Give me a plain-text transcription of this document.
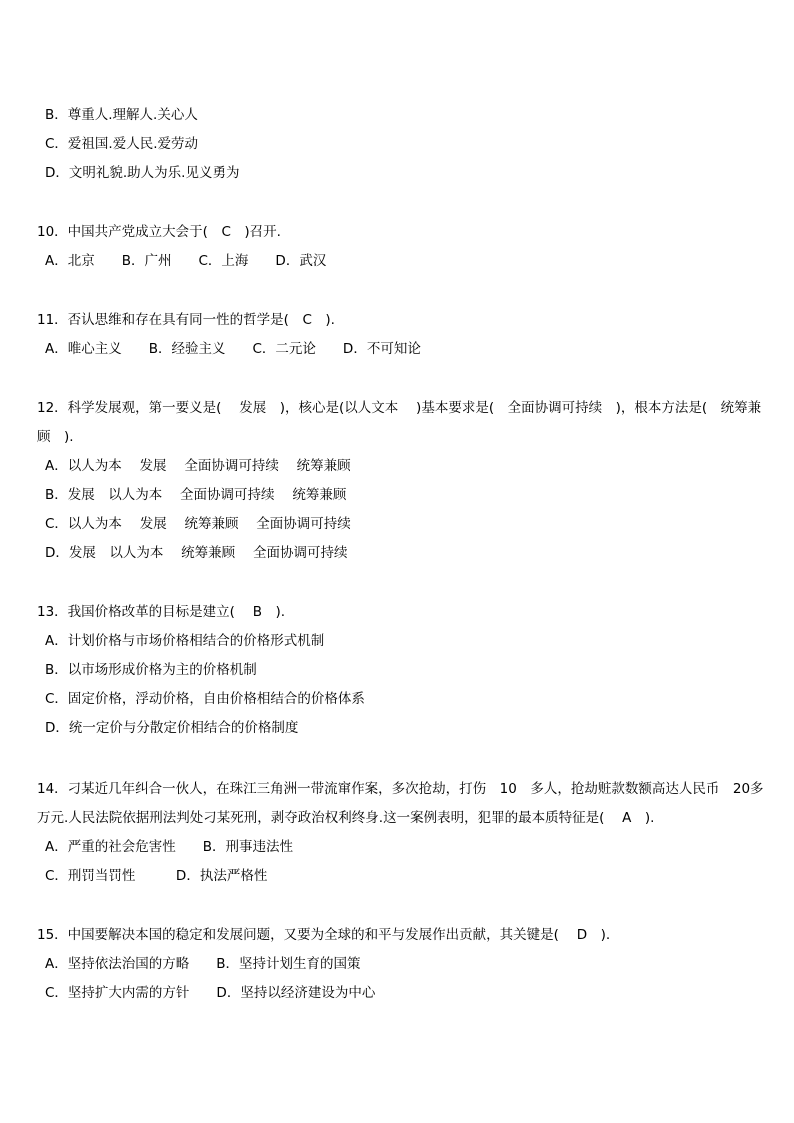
B．尊重人.理解人.关心人
C．爱祖国.爱人民.爱劳动
D．文明礼貌.助人为乐.见义勇为
10．中国共产党成立大会于(　C　)召开.
A．北京　　B．广州　　C．上海　　D．武汉
11．否认思维和存在具有同一性的哲学是(　C　).
A．唯心主义　　B．经验主义　　C．二元论　　D．不可知论
12．科学发展观，第一要义是(　 发展　)，核心是(以人文本　 )基本要求是(　全面协调可持续　)，根本方法是(　统筹兼
顾　).
A．以人为本　 发展　 全面协调可持续　 统筹兼顾
B．发展　以人为本　 全面协调可持续　 统筹兼顾
C．以人为本　 发展　 统筹兼顾　 全面协调可持续
D．发展　以人为本　 统筹兼顾　 全面协调可持续
13．我国价格改革的目标是建立(　 B　).
A．计划价格与市场价格相结合的价格形式机制
B．以市场形成价格为主的价格机制
C．固定价格，浮动价格，自由价格相结合的价格体系
D．统一定价与分散定价相结合的价格制度
14．刁某近几年纠合一伙人，在珠江三角洲一带流窜作案，多次抢劫，打伤　10　多人，抢劫赃款数额高达人民币　20多
万元.人民法院依据刑法判处刁某死刑，剥夺政治权利终身.这一案例表明，犯罪的最本质特征是(　 A　).
A．严重的社会危害性　　B．刑事违法性
C．刑罚当罚性　　　D．执法严格性
15．中国要解决本国的稳定和发展问题，又要为全球的和平与发展作出贡献，其关键是(　 D　).
A．坚持依法治国的方略　　B．坚持计划生育的国策
C．坚持扩大内需的方针　　D．坚持以经济建设为中心
